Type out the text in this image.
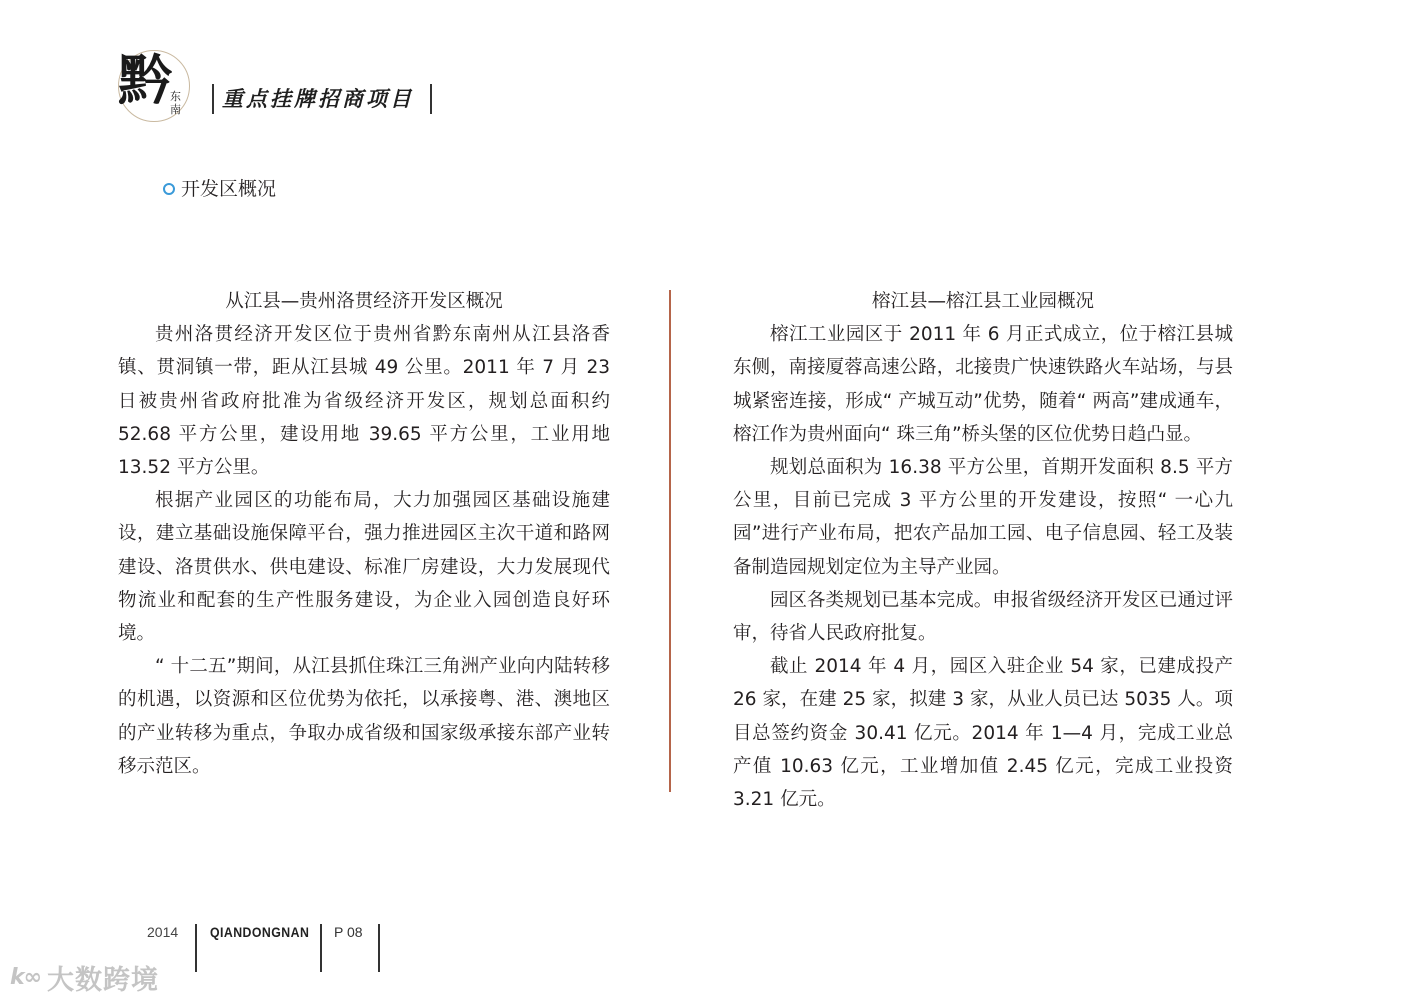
黔
东南 重点挂牌招商项目
开发区概况

从江县—贵州洛贯经济开发区概况

贵州洛贯经济开发区位于贵州省黔东南州从江县洛香镇、贯洞镇一带，距从江县城 49 公里。2011 年 7 月 23 日被贵州省政府批准为省级经济开发区，规划总面积约 52.68 平方公里，建设用地 39.65 平方公里，工业用地 13.52 平方公里。

根据产业园区的功能布局，大力加强园区基础设施建设，建立基础设施保障平台，强力推进园区主次干道和路网建设、洛贯供水、供电建设、标准厂房建设，大力发展现代物流业和配套的生产性服务建设，为企业入园创造良好环境。

“ 十二五”期间，从江县抓住珠江三角洲产业向内陆转移的机遇，以资源和区位优势为依托，以承接粤、港、澳地区的产业转移为重点，争取办成省级和国家级承接东部产业转移示范区。

榕江县—榕江县工业园概况

榕江工业园区于 2011 年 6 月正式成立，位于榕江县城东侧，南接厦蓉高速公路，北接贵广快速铁路火车站场，与县城紧密连接，形成“ 产城互动”优势，随着“ 两高”建成通车，榕江作为贵州面向“ 珠三角”桥头堡的区位优势日趋凸显。

规划总面积为 16.38 平方公里，首期开发面积 8.5 平方公里，目前已完成 3 平方公里的开发建设，按照“ 一心九园”进行产业布局，把农产品加工园、电子信息园、轻工及装备制造园规划定位为主导产业园。

园区各类规划已基本完成。申报省级经济开发区已通过评审，待省人民政府批复。

截止 2014 年 4 月，园区入驻企业 54 家，已建成投产 26 家，在建 25 家，拟建 3 家，从业人员已达 5035 人。项目总签约资金 30.41 亿元。2014 年 1—4 月，完成工业总产值 10.63 亿元，工业增加值 2.45 亿元，完成工业投资 3.21 亿元。

2014 QIANDONGNAN P 08
k∞ 大数跨境
